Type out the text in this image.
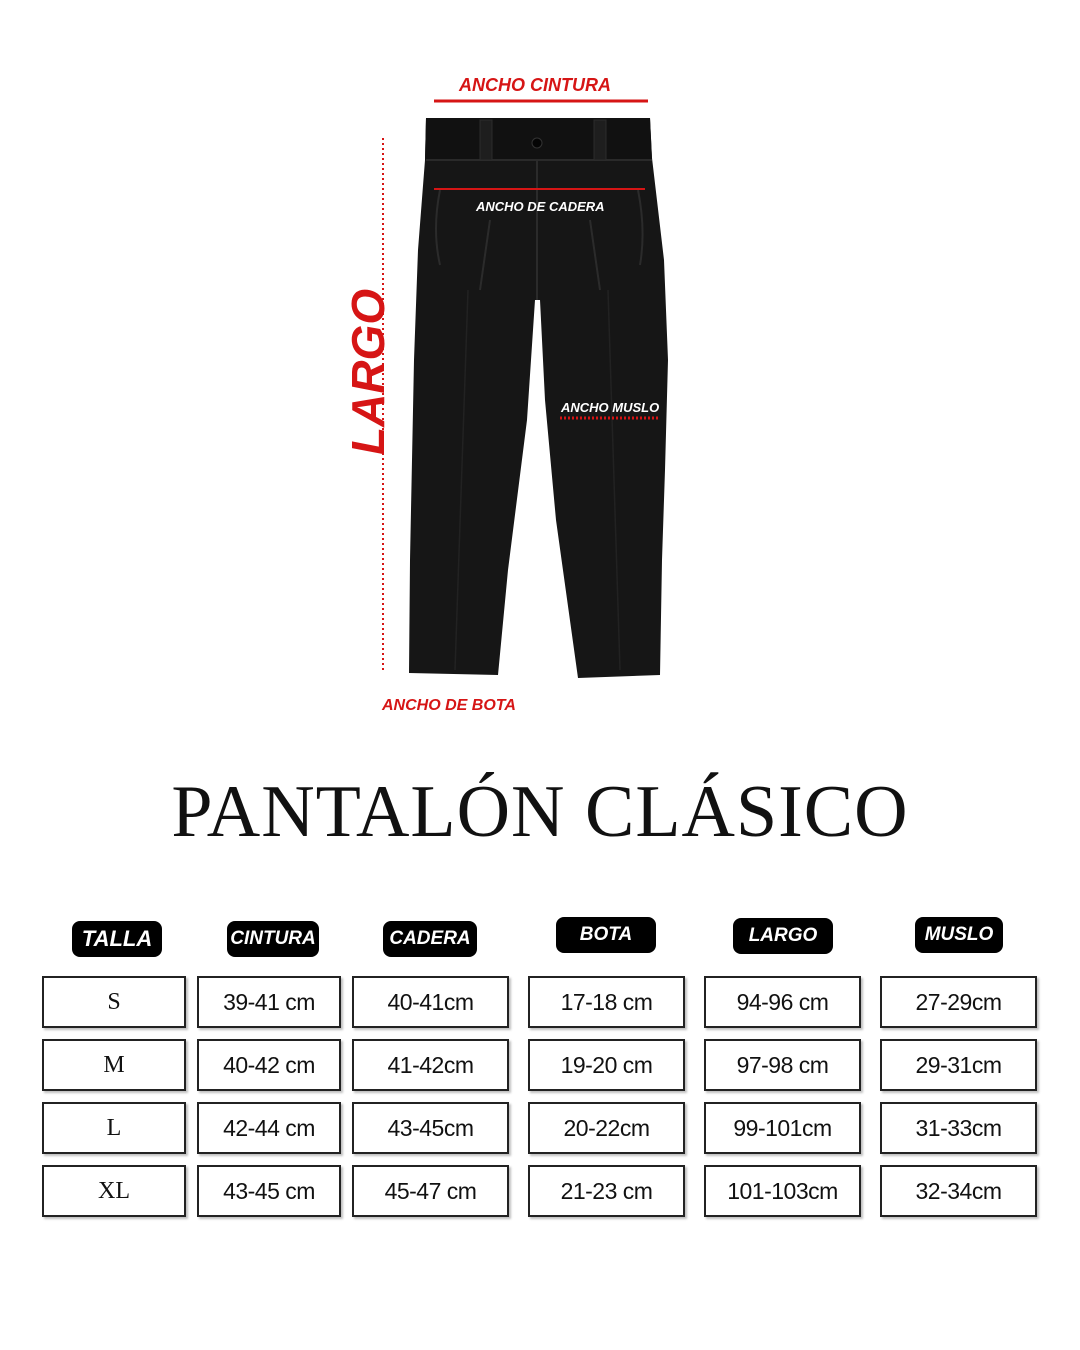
ANCHO CINTURA
ANCHO DE CADERA
ANCHO MUSLO
LARGO
ANCHO DE BOTA
PANTALÓN CLÁSICO
TALLA	CINTURA	CADERA	BOTA	LARGO	MUSLO
S	39-41 cm	40-41cm	17-18 cm	94-96 cm	27-29cm
M	40-42 cm	41-42cm	19-20 cm	97-98 cm	29-31cm
L	42-44 cm	43-45cm	20-22cm	99-101cm	31-33cm
XL	43-45 cm	45-47 cm	21-23 cm	101-103cm	32-34cm
